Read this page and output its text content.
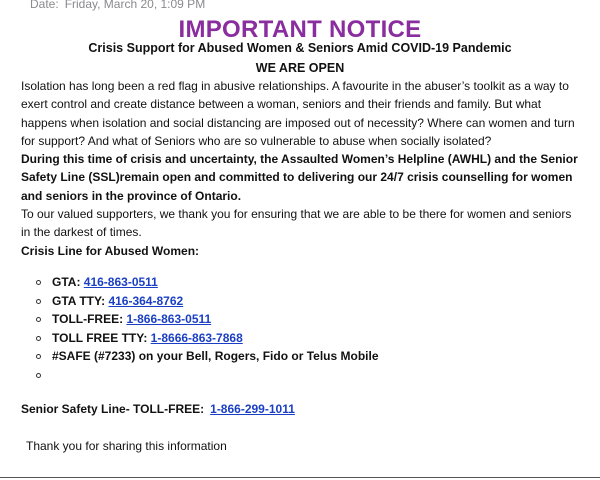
Date: Friday, March 20, 1:09 PM
IMPORTANT NOTICE
Crisis Support for Abused Women & Seniors Amid COVID-19 Pandemic
WE ARE OPEN
Isolation has long been a red flag in abusive relationships. A favourite in the abuser’s toolkit as a way to exert control and create distance between a woman, seniors and their friends and family. But what happens when isolation and social distancing are imposed out of necessity? Where can women and turn for support? And what of Seniors who are so vulnerable to abuse when socially isolated?
During this time of crisis and uncertainty, the Assaulted Women’s Helpline (AWHL) and the Senior Safety Line (SSL)remain open and committed to delivering our 24/7 crisis counselling for women and seniors in the province of Ontario.
To our valued supporters, we thank you for ensuring that we are able to be there for women and seniors in the darkest of times.
Crisis Line for Abused Women:
GTA: 416-863-0511
GTA TTY: 416-364-8762
TOLL-FREE: 1-866-863-0511
TOLL FREE TTY: 1-8666-863-7868
#SAFE (#7233) on your Bell, Rogers, Fido or Telus Mobile
Senior Safety Line- TOLL-FREE: 1-866-299-1011
Thank you for sharing this information
